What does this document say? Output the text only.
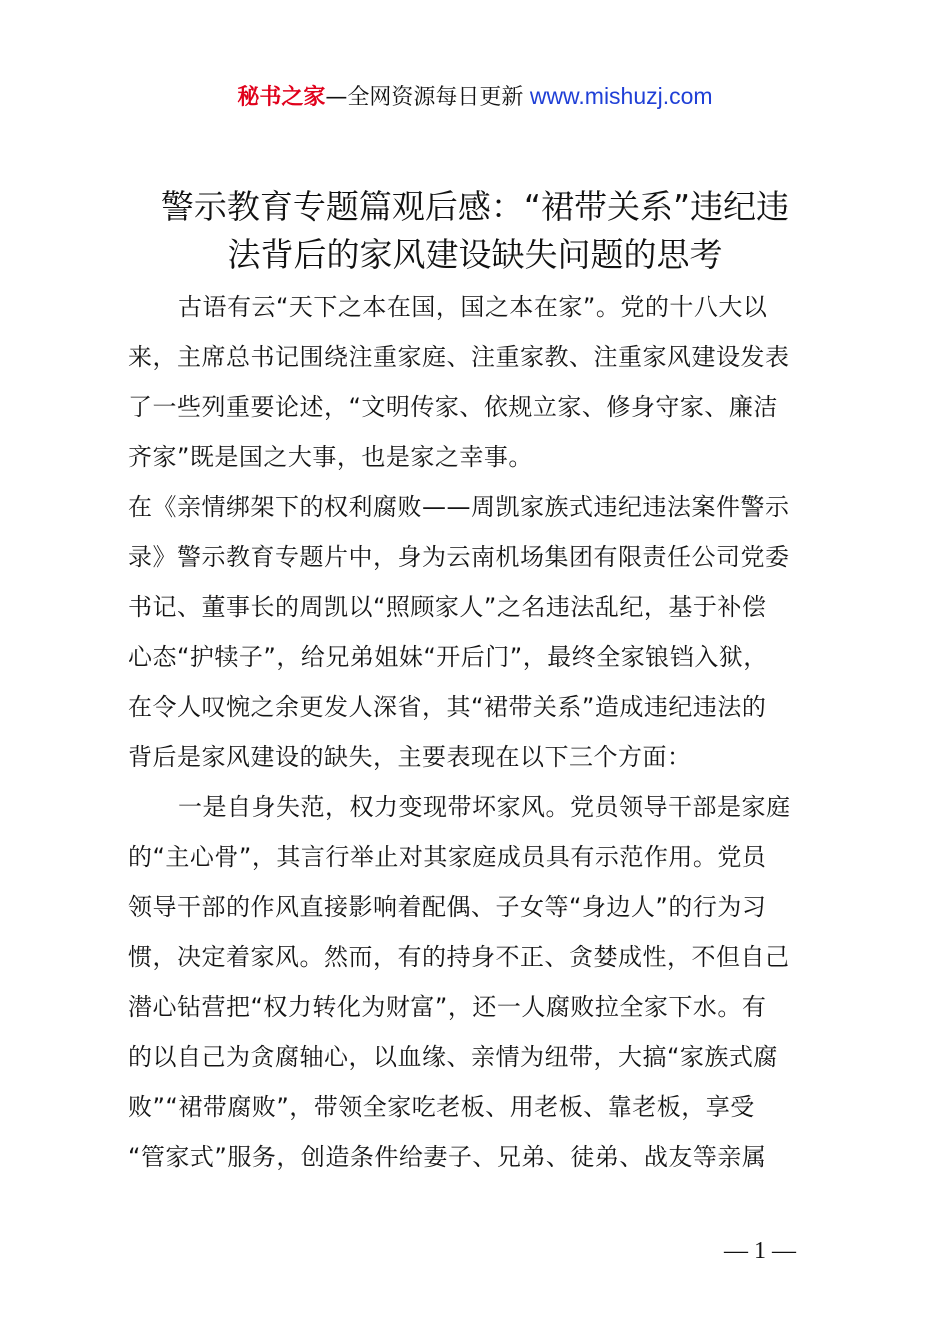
秘书之家—全网资源每日更新 www.mishuzj.com
警示教育专题篇观后感：“裙带关系”违纪违
法背后的家风建设缺失问题的思考
古语有云“天下之本在国，国之本在家”。党的十八大以
来，主席总书记围绕注重家庭、注重家教、注重家风建设发表
了一些列重要论述，“文明传家、依规立家、修身守家、廉洁
齐家”既是国之大事，也是家之幸事。
在《亲情绑架下的权利腐败——周凯家族式违纪违法案件警示
录》警示教育专题片中，身为云南机场集团有限责任公司党委
书记、董事长的周凯以“照顾家人”之名违法乱纪，基于补偿
心态“护犊子”，给兄弟姐妹“开后门”，最终全家锒铛入狱，
在令人叹惋之余更发人深省，其“裙带关系”造成违纪违法的
背后是家风建设的缺失，主要表现在以下三个方面：
一是自身失范，权力变现带坏家风。党员领导干部是家庭
的“主心骨”，其言行举止对其家庭成员具有示范作用。党员
领导干部的作风直接影响着配偶、子女等“身边人”的行为习
惯，决定着家风。然而，有的持身不正、贪婪成性，不但自己
潜心钻营把“权力转化为财富”，还一人腐败拉全家下水。有
的以自己为贪腐轴心，以血缘、亲情为纽带，大搞“家族式腐
败”“裙带腐败”，带领全家吃老板、用老板、靠老板，享受
“管家式”服务，创造条件给妻子、兄弟、徒弟、战友等亲属
— 1 —
